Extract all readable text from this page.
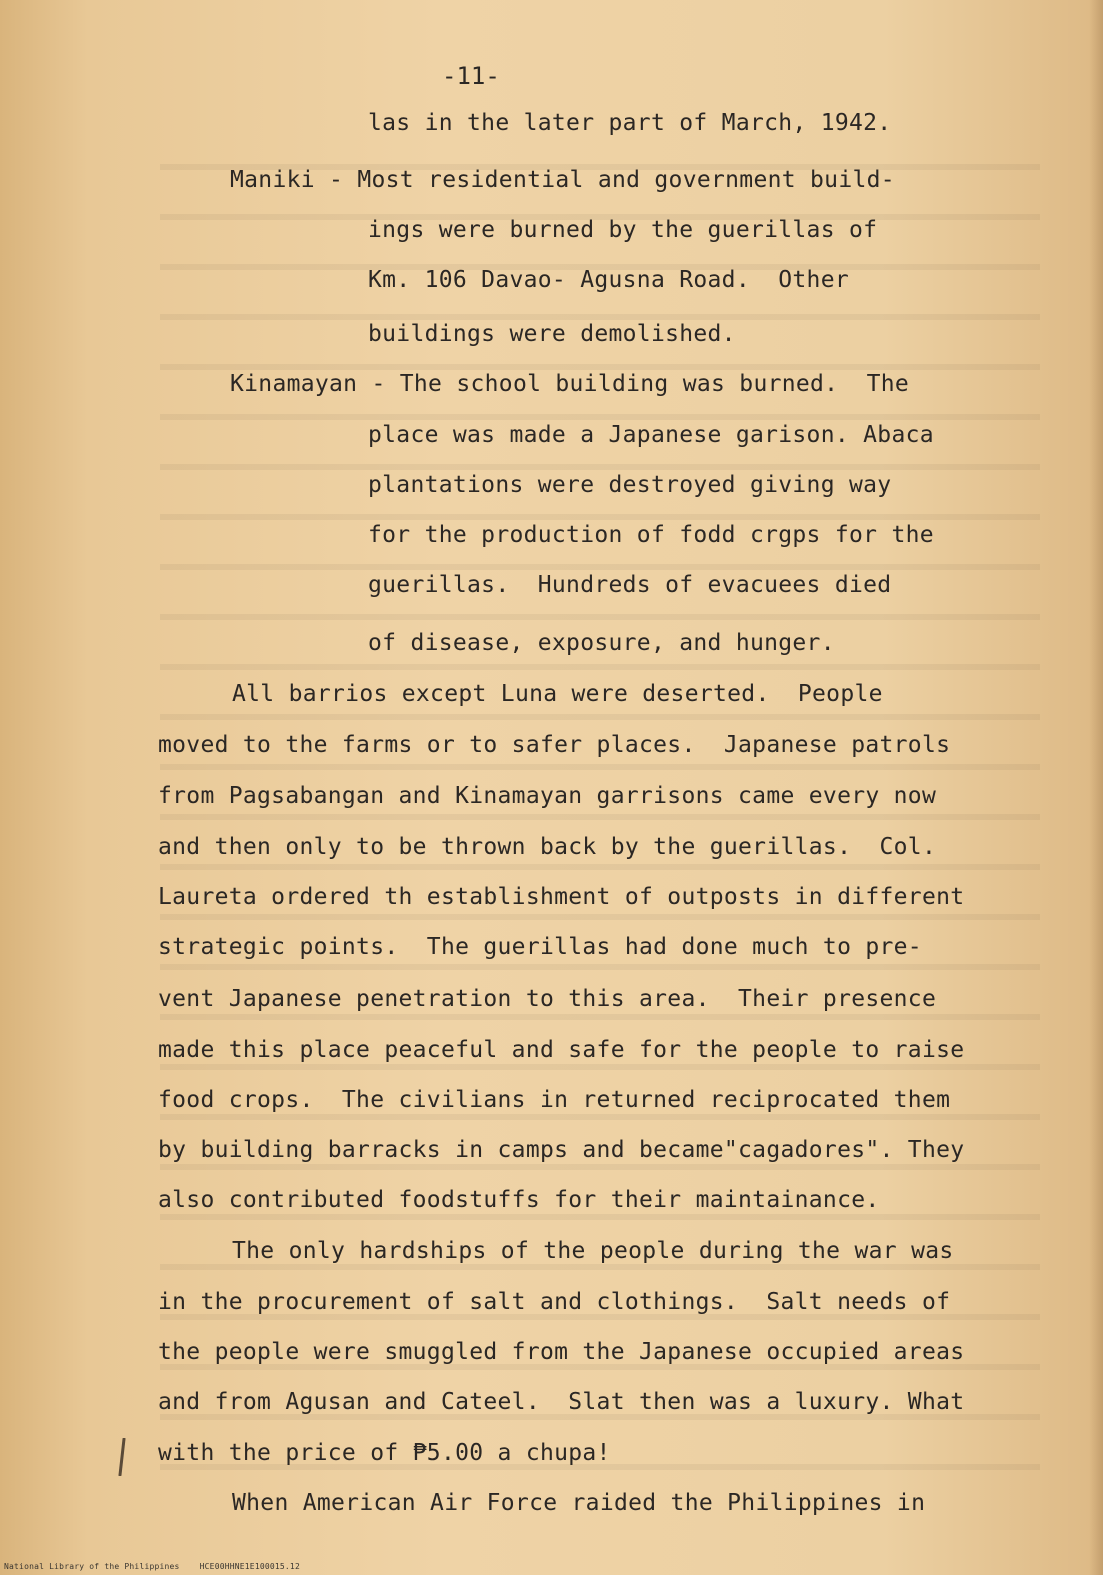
-11-
las in the later part of March, 1942.
Maniki - Most residential and government build-
ings were burned by the guerillas of
Km. 106 Davao- Agusna Road.  Other
buildings were demolished.
Kinamayan - The school building was burned.  The
place was made a Japanese garison. Abaca
plantations were destroyed giving way
for the production of fodd crgps for the
guerillas.  Hundreds of evacuees died
of disease, exposure, and hunger.
All barrios except Luna were deserted.  People
moved to the farms or to safer places.  Japanese patrols
from Pagsabangan and Kinamayan garrisons came every now
and then only to be thrown back by the guerillas.  Col.
Laureta ordered th establishment of outposts in different
strategic points.  The guerillas had done much to pre-
vent Japanese penetration to this area.  Their presence
made this place peaceful and safe for the people to raise
food crops.  The civilians in returned reciprocated them
by building barracks in camps and became"cagadores". They
also contributed foodstuffs for their maintainance.
The only hardships of the people during the war was
in the procurement of salt and clothings.  Salt needs of
the people were smuggled from the Japanese occupied areas
and from Agusan and Cateel.  Slat then was a luxury. What
with the price of ₱5.00 a chupa!
When American Air Force raided the Philippines in
National Library of the Philippines    HCE00HHNE1E100015.12
